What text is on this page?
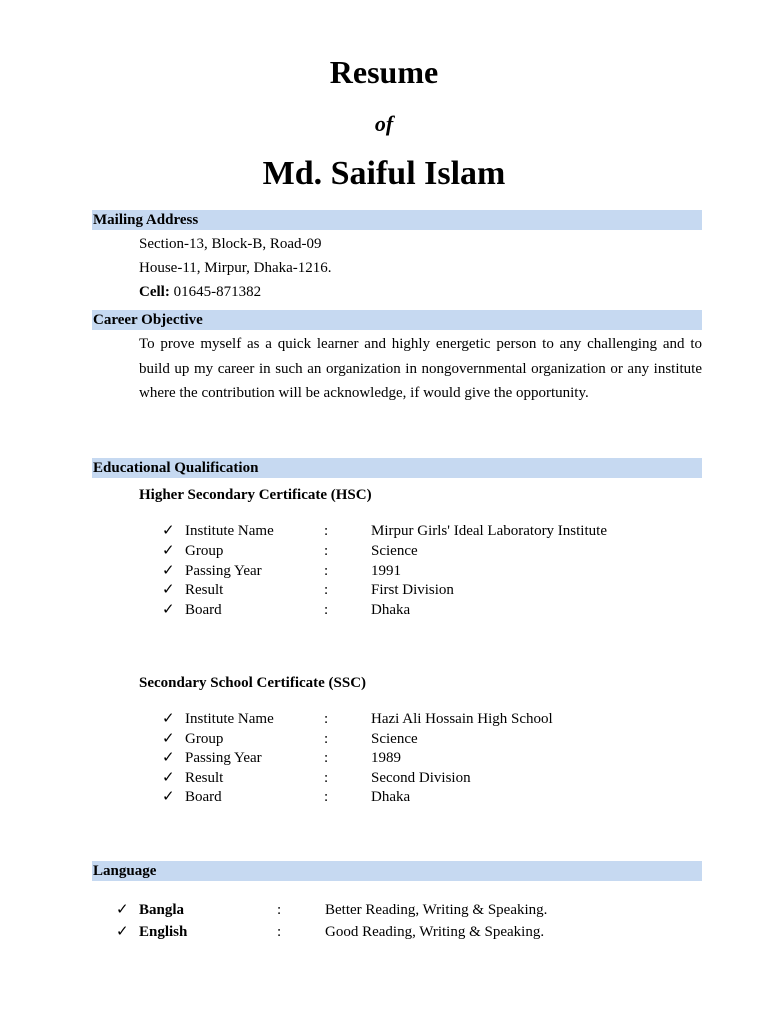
Resume
of
Md. Saiful Islam
Mailing Address
Section-13, Block-B, Road-09
House-11, Mirpur, Dhaka-1216.
Cell: 01645-871382
Career Objective

To prove myself as a quick learner and highly energetic person to any challenging and to build up my career in such an organization in nongovernmental organization or any institute where the contribution will be acknowledge, if would give the opportunity.

Educational Qualification
Higher Secondary Certificate (HSC)
✓ Institute Name	:	Mirpur Girls' Ideal Laboratory Institute
✓ Group	:	Science
✓ Passing Year	:	1991
✓ Result	:	First Division
✓ Board	:	Dhaka
Secondary School Certificate (SSC)
✓ Institute Name	:	Hazi Ali Hossain High School
✓ Group	:	Science
✓ Passing Year	:	1989
✓ Result	:	Second Division
✓ Board	:	Dhaka
Language
✓ Bangla	:	Better Reading, Writing & Speaking.
✓ English	:	Good Reading, Writing & Speaking.
